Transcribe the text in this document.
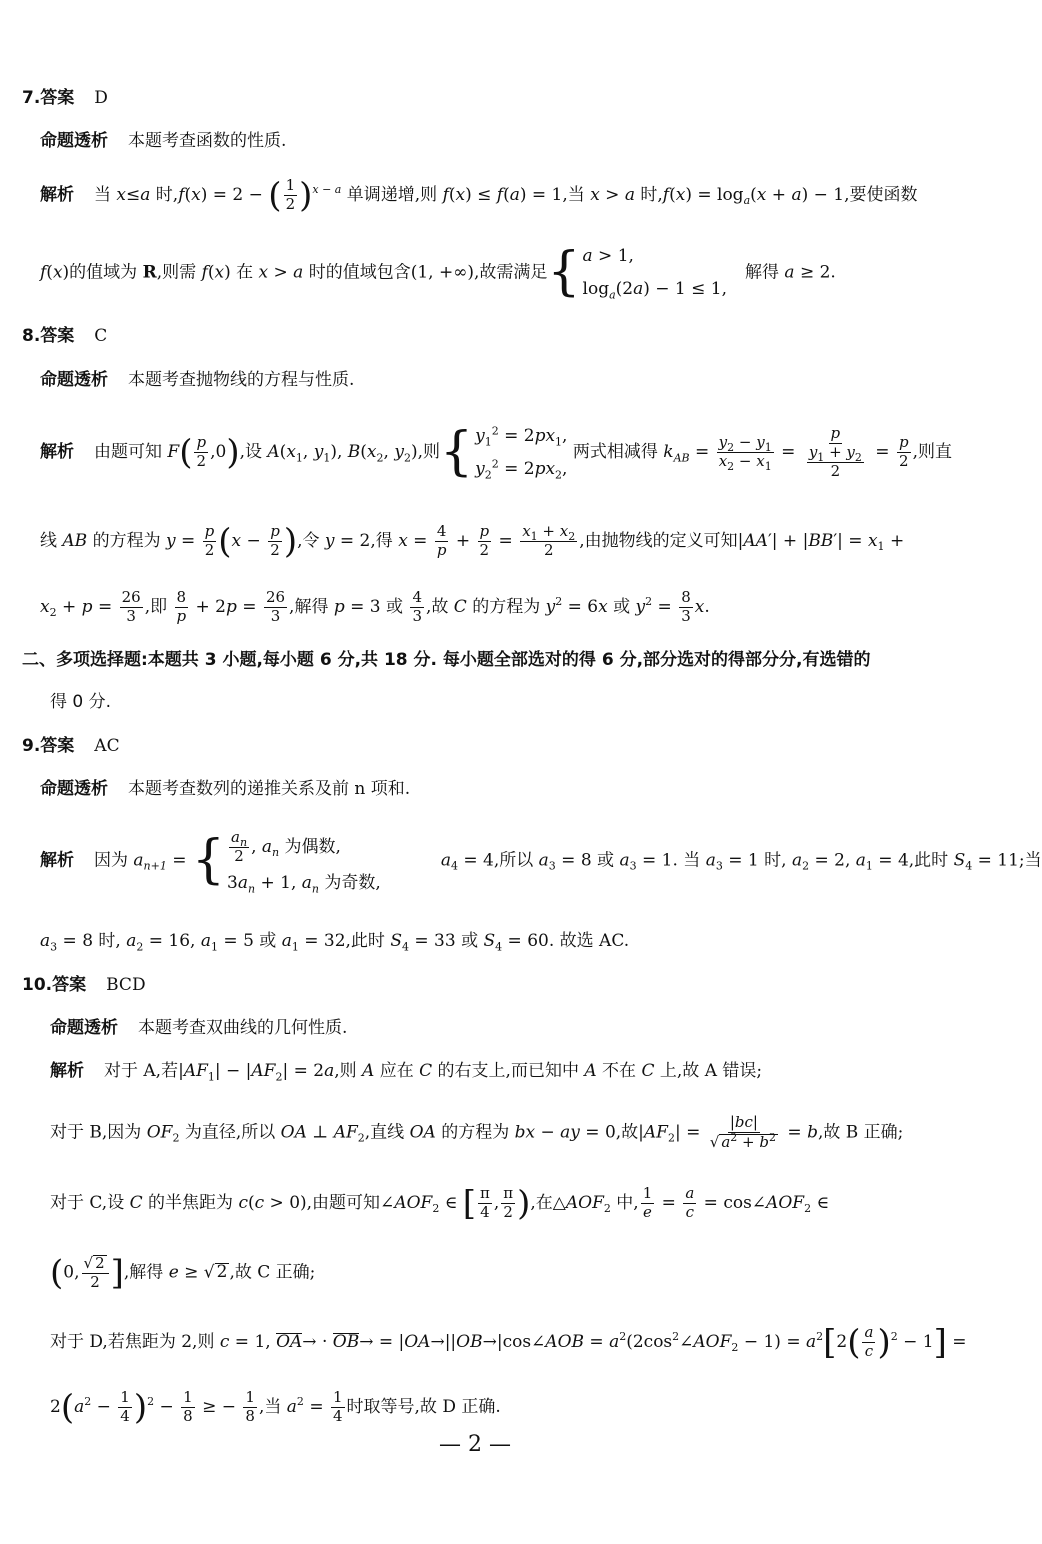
7.答案 D
命题透析 本题考查函数的性质.
解析 当 x≤a 时,f(x) = 2 − ( $\frac{1}{2} )^{x - a}$ 单调递增,则 f(x) ≤ f(a) = 1,当 x > a 时$,f(x) = \log_a(x + a) - 1$,要使函数
f(x)的值域为 R,则需 f(x) 在 x > a 时的值域包含(1, +∞),故需满足 { a > 1,
$\log_a(2a) - 1 \le 1$,
解得 a ≥ 2.
8.答案 C
命题透析 本题考查抛物线的方程与性质.
解析 由题可知 $F( \frac{p}{2} ,0)$,设 $A(x_1$, $y_1$), $B(x_2$, $y_2$),则 { $y_1^2 = 2px_1$,
$y_2^2 = 2px_2$,
两式相减得 $k_{AB} = \frac{y_2 - y_1}{x_2 - x_1} = \frac{p}{\frac{y_1 + y_2}{2}} = \frac{p}{2}$ ,则直
线 AB 的方程为 $y = \frac{p}{2} (x - \frac{p}{2}$ ),令 y = 2,得 $x = \frac{4}{p} + \frac{p}{2} = \frac{x_1 + x_2}{2}$ ,由抛物线的定义可知$|AA'| + |BB'| = x_1$ +
$x_2 + p = \frac{26}{3}$ ,即 $\frac{8}{p} + 2p = \frac{26}{3}$ ,解得 p = 3 或 $\frac{4}{3}$ ,故 C 的方程为 $y^2 = 6x$ 或 $y^2 = \frac{8}{3} x$.
二、多项选择题:本题共 3 小题,每小题 6 分,共 18 分. 每小题全部选对的得 6 分,部分选对的得部分分,有选错的
得 0 分.
9.答案 AC
命题透析 本题考查数列的递推关系及前 n 项和.
解析 因为 $a_{n+1}$ = { $\frac{a_n}{2}$ , $a_n$ 为偶数,
$3a_n + 1$, $a_n$ 为奇数,
$a_4 = 4$,所以 $a_3 = 8$ 或 $a_3 = 1$. 当 $a_3 = 1$ 时, $a_2 = 2$, $a_1 = 4$,此时 $S_4 = 11$;当
$a_3 = 8$ 时, $a_2 = 16$, $a_1 = 5$ 或 $a_1 = 32$,此时 $S_4 = 33$ 或 $S_4 = 60$. 故选 AC.
10.答案 BCD
命题透析 本题考查双曲线的几何性质.
解析 对于 A,若$|AF_1| - |AF_2| = 2a$,则 A 应在 C 的右支上,而已知中 A 不在 C 上,故 A 错误;
对于 B,因为 $OF_2$ 为直径,所以 OA ⊥ $AF_2$,直线 OA 的方程为 bx − ay = 0,故$|AF_2| = \frac{|bc|}{√ a^2 + b^2} = b$,故 B 正确;
对于 C,设 C 的半焦距为 c(c > 0),由题可知$\angle AOF_2$ ∈ [ $\frac{\pi}{4}$ , $\frac{\pi}{2}$ ),在$\triangle AOF_2$ 中, $\frac{1}{e} = \frac{a}{c}$ = $\cos\angle AOF_2$ ∈
(0, $\frac{√ 2}{2}$ ],解得 e ≥ √ 2 ,故 C 正确;
对于 D,若焦距为 2,则 c = 1, OA→ · OB→ = |OA→||OB→|cos∠AOB = $a^2(2\cos^2\angle AOF_2 - 1) = a^2[2( \frac{a}{c} )^2 - 1]$ =
$2(a^2 - \frac{1}{4} )^2 - \frac{1}{8}$ ≥ − $\frac{1}{8}$ ,当 $a^2 = \frac{1}{4}$ 时取等号,故 D 正确.
— 2 —
